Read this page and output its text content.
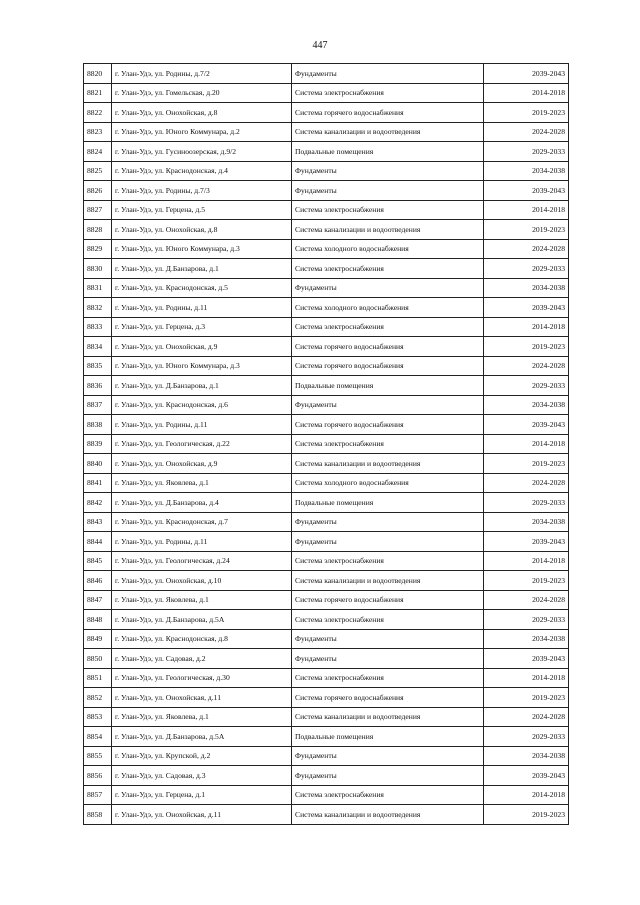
447
8820	г. Улан-Удэ, ул. Родины, д.7/2	Фундаменты	2039-2043
8821	г. Улан-Удэ, ул. Гомельская, д.20	Система электроснабжения	2014-2018
8822	г. Улан-Удэ, ул. Онохойская, д.8	Система горячего водоснабжения	2019-2023
8823	г. Улан-Удэ, ул. Юного Коммунара, д.2	Система канализации и водоотведения	2024-2028
8824	г. Улан-Удэ, ул. Гусиноозерская, д.9/2	Подвальные помещения	2029-2033
8825	г. Улан-Удэ, ул. Краснодонская, д.4	Фундаменты	2034-2038
8826	г. Улан-Удэ, ул. Родины, д.7/3	Фундаменты	2039-2043
8827	г. Улан-Удэ, ул. Герцена, д.5	Система электроснабжения	2014-2018
8828	г. Улан-Удэ, ул. Онохойская, д.8	Система канализации и водоотведения	2019-2023
8829	г. Улан-Удэ, ул. Юного Коммунара, д.3	Система холодного водоснабжения	2024-2028
8830	г. Улан-Удэ, ул. Д.Банзарова, д.1	Система электроснабжения	2029-2033
8831	г. Улан-Удэ, ул. Краснодонская, д.5	Фундаменты	2034-2038
8832	г. Улан-Удэ, ул. Родины, д.11	Система холодного водоснабжения	2039-2043
8833	г. Улан-Удэ, ул. Герцена, д.3	Система электроснабжения	2014-2018
8834	г. Улан-Удэ, ул. Онохойская, д.9	Система горячего водоснабжения	2019-2023
8835	г. Улан-Удэ, ул. Юного Коммунара, д.3	Система горячего водоснабжения	2024-2028
8836	г. Улан-Удэ, ул. Д.Банзарова, д.1	Подвальные помещения	2029-2033
8837	г. Улан-Удэ, ул. Краснодонская, д.6	Фундаменты	2034-2038
8838	г. Улан-Удэ, ул. Родины, д.11	Система горячего водоснабжения	2039-2043
8839	г. Улан-Удэ, ул. Геологическая, д.22	Система электроснабжения	2014-2018
8840	г. Улан-Удэ, ул. Онохойская, д.9	Система канализации и водоотведения	2019-2023
8841	г. Улан-Удэ, ул. Яковлева, д.1	Система холодного водоснабжения	2024-2028
8842	г. Улан-Удэ, ул. Д.Банзарова, д.4	Подвальные помещения	2029-2033
8843	г. Улан-Удэ, ул. Краснодонская, д.7	Фундаменты	2034-2038
8844	г. Улан-Удэ, ул. Родины, д.11	Фундаменты	2039-2043
8845	г. Улан-Удэ, ул. Геологическая, д.24	Система электроснабжения	2014-2018
8846	г. Улан-Удэ, ул. Онохойская, д.10	Система канализации и водоотведения	2019-2023
8847	г. Улан-Удэ, ул. Яковлева, д.1	Система горячего водоснабжения	2024-2028
8848	г. Улан-Удэ, ул. Д.Банзарова, д.5А	Система электроснабжения	2029-2033
8849	г. Улан-Удэ, ул. Краснодонская, д.8	Фундаменты	2034-2038
8850	г. Улан-Удэ, ул. Садовая, д.2	Фундаменты	2039-2043
8851	г. Улан-Удэ, ул. Геологическая, д.30	Система электроснабжения	2014-2018
8852	г. Улан-Удэ, ул. Онохойская, д.11	Система горячего водоснабжения	2019-2023
8853	г. Улан-Удэ, ул. Яковлева, д.1	Система канализации и водоотведения	2024-2028
8854	г. Улан-Удэ, ул. Д.Банзарова, д.5А	Подвальные помещения	2029-2033
8855	г. Улан-Удэ, ул. Крупской, д.2	Фундаменты	2034-2038
8856	г. Улан-Удэ, ул. Садовая, д.3	Фундаменты	2039-2043
8857	г. Улан-Удэ, ул. Герцена, д.1	Система электроснабжения	2014-2018
8858	г. Улан-Удэ, ул. Онохойская, д.11	Система канализации и водоотведения	2019-2023
